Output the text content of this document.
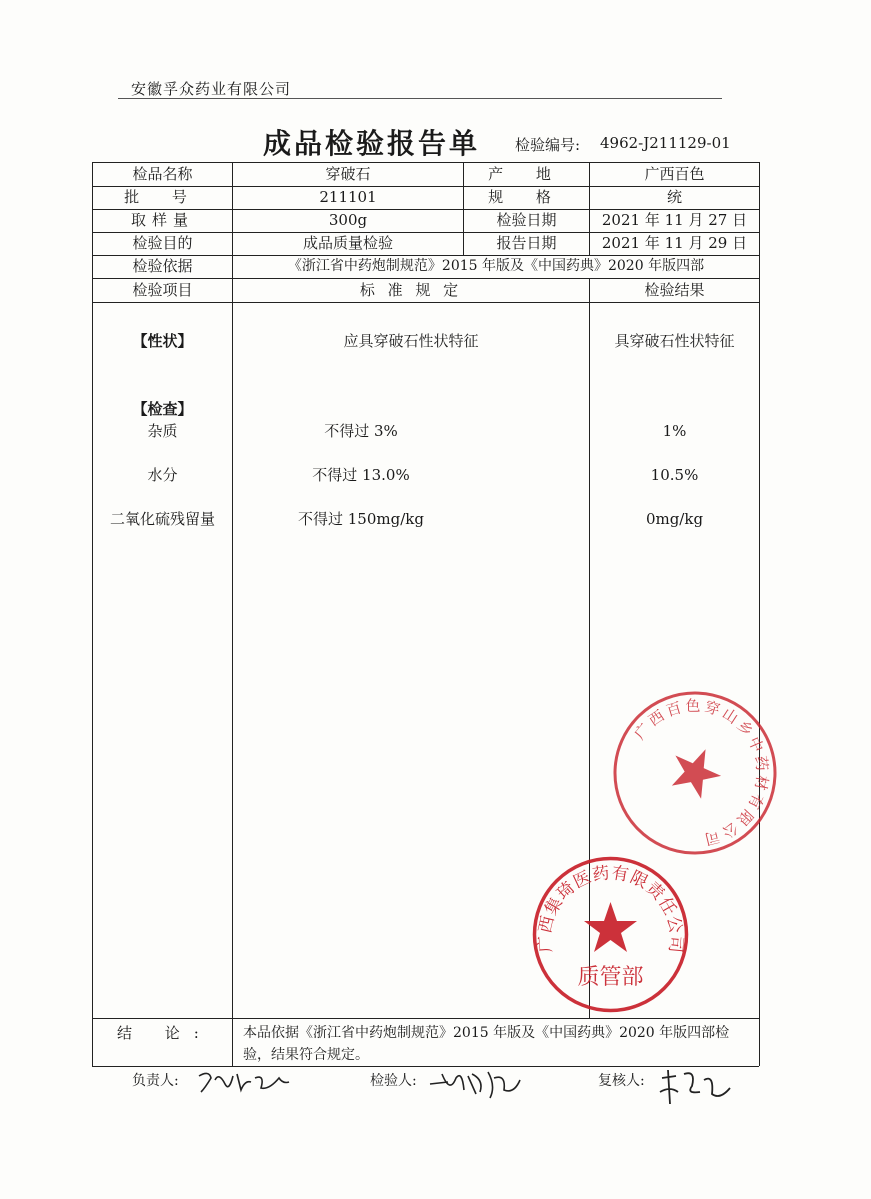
安徽孚众药业有限公司
成品检验报告单 检验编号: 4962-J211129-01
检品名称	穿破石	产 地	广西百色
批 号	211101	规 格	统
取样量	300g	检验日期	2021 年 11 月 27 日
检验目的	成品质量检验	报告日期	2021 年 11 月 29 日
检验依据	《浙江省中药炮制规范》2015 年版及《中国药典》2020 年版四部
检验项目	标 准 规 定	检验结果
【性状】	应具穿破石性状特征	具穿破石性状特征
【检查】
杂质	不得过 3%	1%
水分	不得过 13.0%	10.5%
二氧化硫残留量	不得过 150mg/kg	0mg/kg
广西百色穿山乡中药材有限公司
广西集琦医药有限责任公司
质管部
结 论: 本品依据《浙江省中药炮制规范》2015 年版及《中国药典》2020 年版四部检验，结果符合规定。
负责人:	检验人:	复核人:
